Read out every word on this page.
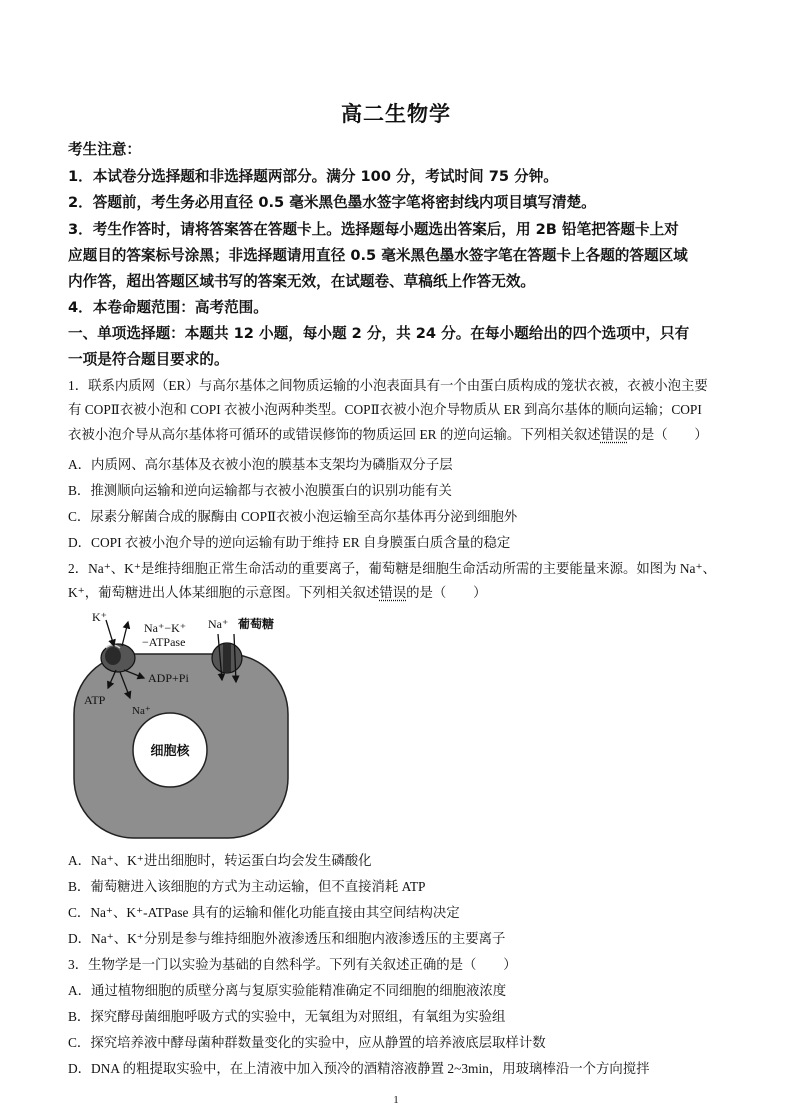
高二生物学
考生注意：
1．本试卷分选择题和非选择题两部分。满分 100 分，考试时间 75 分钟。
2．答题前，考生务必用直径 0.5 毫米黑色墨水签字笔将密封线内项目填写清楚。
3．考生作答时，请将答案答在答题卡上。选择题每小题选出答案后，用 2B 铅笔把答题卡上对
应题目的答案标号涂黑；非选择题请用直径 0.5 毫米黑色墨水签字笔在答题卡上各题的答题区域
内作答，超出答题区域书写的答案无效，在试题卷、草稿纸上作答无效。
4．本卷命题范围：高考范围。
一、单项选择题：本题共 12 小题，每小题 2 分，共 24 分。在每小题给出的四个选项中，只有
一项是符合题目要求的。
1．联系内质网（ER）与高尔基体之间物质运输的小泡表面具有一个由蛋白质构成的笼状衣被，衣被小泡主要
有 COPⅡ衣被小泡和 COPI 衣被小泡两种类型。COPⅡ衣被小泡介导物质从 ER 到高尔基体的顺向运输；COPI
衣被小泡介导从高尔基体将可循环的或错误修饰的物质运回 ER 的逆向运输。下列相关叙述错误的是（　　）
A．内质网、高尔基体及衣被小泡的膜基本支架均为磷脂双分子层
B．推测顺向运输和逆向运输都与衣被小泡膜蛋白的识别功能有关
C．尿素分解菌合成的脲酶由 COPⅡ衣被小泡运输至高尔基体再分泌到细胞外
D．COPI 衣被小泡介导的逆向运输有助于维持 ER 自身膜蛋白质含量的稳定
2．Na⁺、K⁺是维持细胞正常生命活动的重要离子，葡萄糖是细胞生命活动所需的主要能量来源。如图为 Na⁺、
K⁺，葡萄糖进出人体某细胞的示意图。下列相关叙述错误的是（　　）
细胞核
K⁺
Na⁺−K⁺
−ATPase
ADP+Pi
ATP
Na⁺
Na⁺ 葡萄糖
A．Na⁺、K⁺进出细胞时，转运蛋白均会发生磷酸化
B．葡萄糖进入该细胞的方式为主动运输，但不直接消耗 ATP
C．Na⁺、K⁺-ATPase 具有的运输和催化功能直接由其空间结构决定
D．Na⁺、K⁺分别是参与维持细胞外液渗透压和细胞内液渗透压的主要离子
3．生物学是一门以实验为基础的自然科学。下列有关叙述正确的是（　　）
A．通过植物细胞的质壁分离与复原实验能精准确定不同细胞的细胞液浓度
B．探究酵母菌细胞呼吸方式的实验中，无氧组为对照组，有氧组为实验组
C．探究培养液中酵母菌种群数量变化的实验中，应从静置的培养液底层取样计数
D．DNA 的粗提取实验中，在上清液中加入预冷的酒精溶液静置 2~3min，用玻璃棒沿一个方向搅拌
1
